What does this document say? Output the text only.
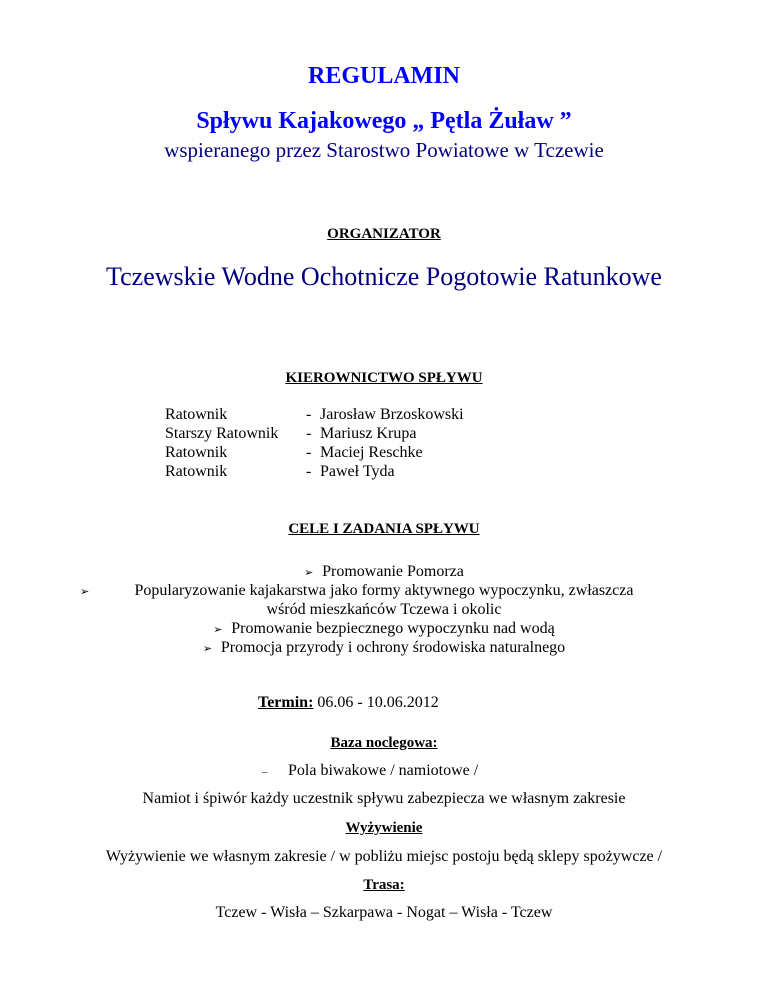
REGULAMIN
Spływu Kajakowego „ Pętla Żuław ”
wspieranego przez Starostwo Powiatowe w Tczewie
ORGANIZATOR
Tczewskie Wodne Ochotnicze Pogotowie Ratunkowe
KIEROWNICTWO SPŁYWU
Ratownik	- Jarosław Brzoskowski
Starszy Ratownik	- Mariusz Krupa
Ratownik	- Maciej Reschke
Ratownik	- Paweł Tyda
CELE I ZADANIA SPŁYWU
➢ Promowanie Pomorza
➢	Popularyzowanie kajakarstwa jako formy aktywnego wypoczynku, zwłaszcza
wśród mieszkańców Tczewa i okolic
➢ Promowanie bezpiecznego wypoczynku nad wodą
➢ Promocja przyrody i ochrony środowiska naturalnego
Termin: 06.06 - 10.06.2012
Baza noclegowa:
– Pola biwakowe / namiotowe /
Namiot i śpiwór każdy uczestnik spływu zabezpiecza we własnym zakresie
Wyżywienie
Wyżywienie we własnym zakresie / w pobliżu miejsc postoju będą sklepy spożywcze /
Trasa:
Tczew - Wisła – Szkarpawa - Nogat – Wisła - Tczew
